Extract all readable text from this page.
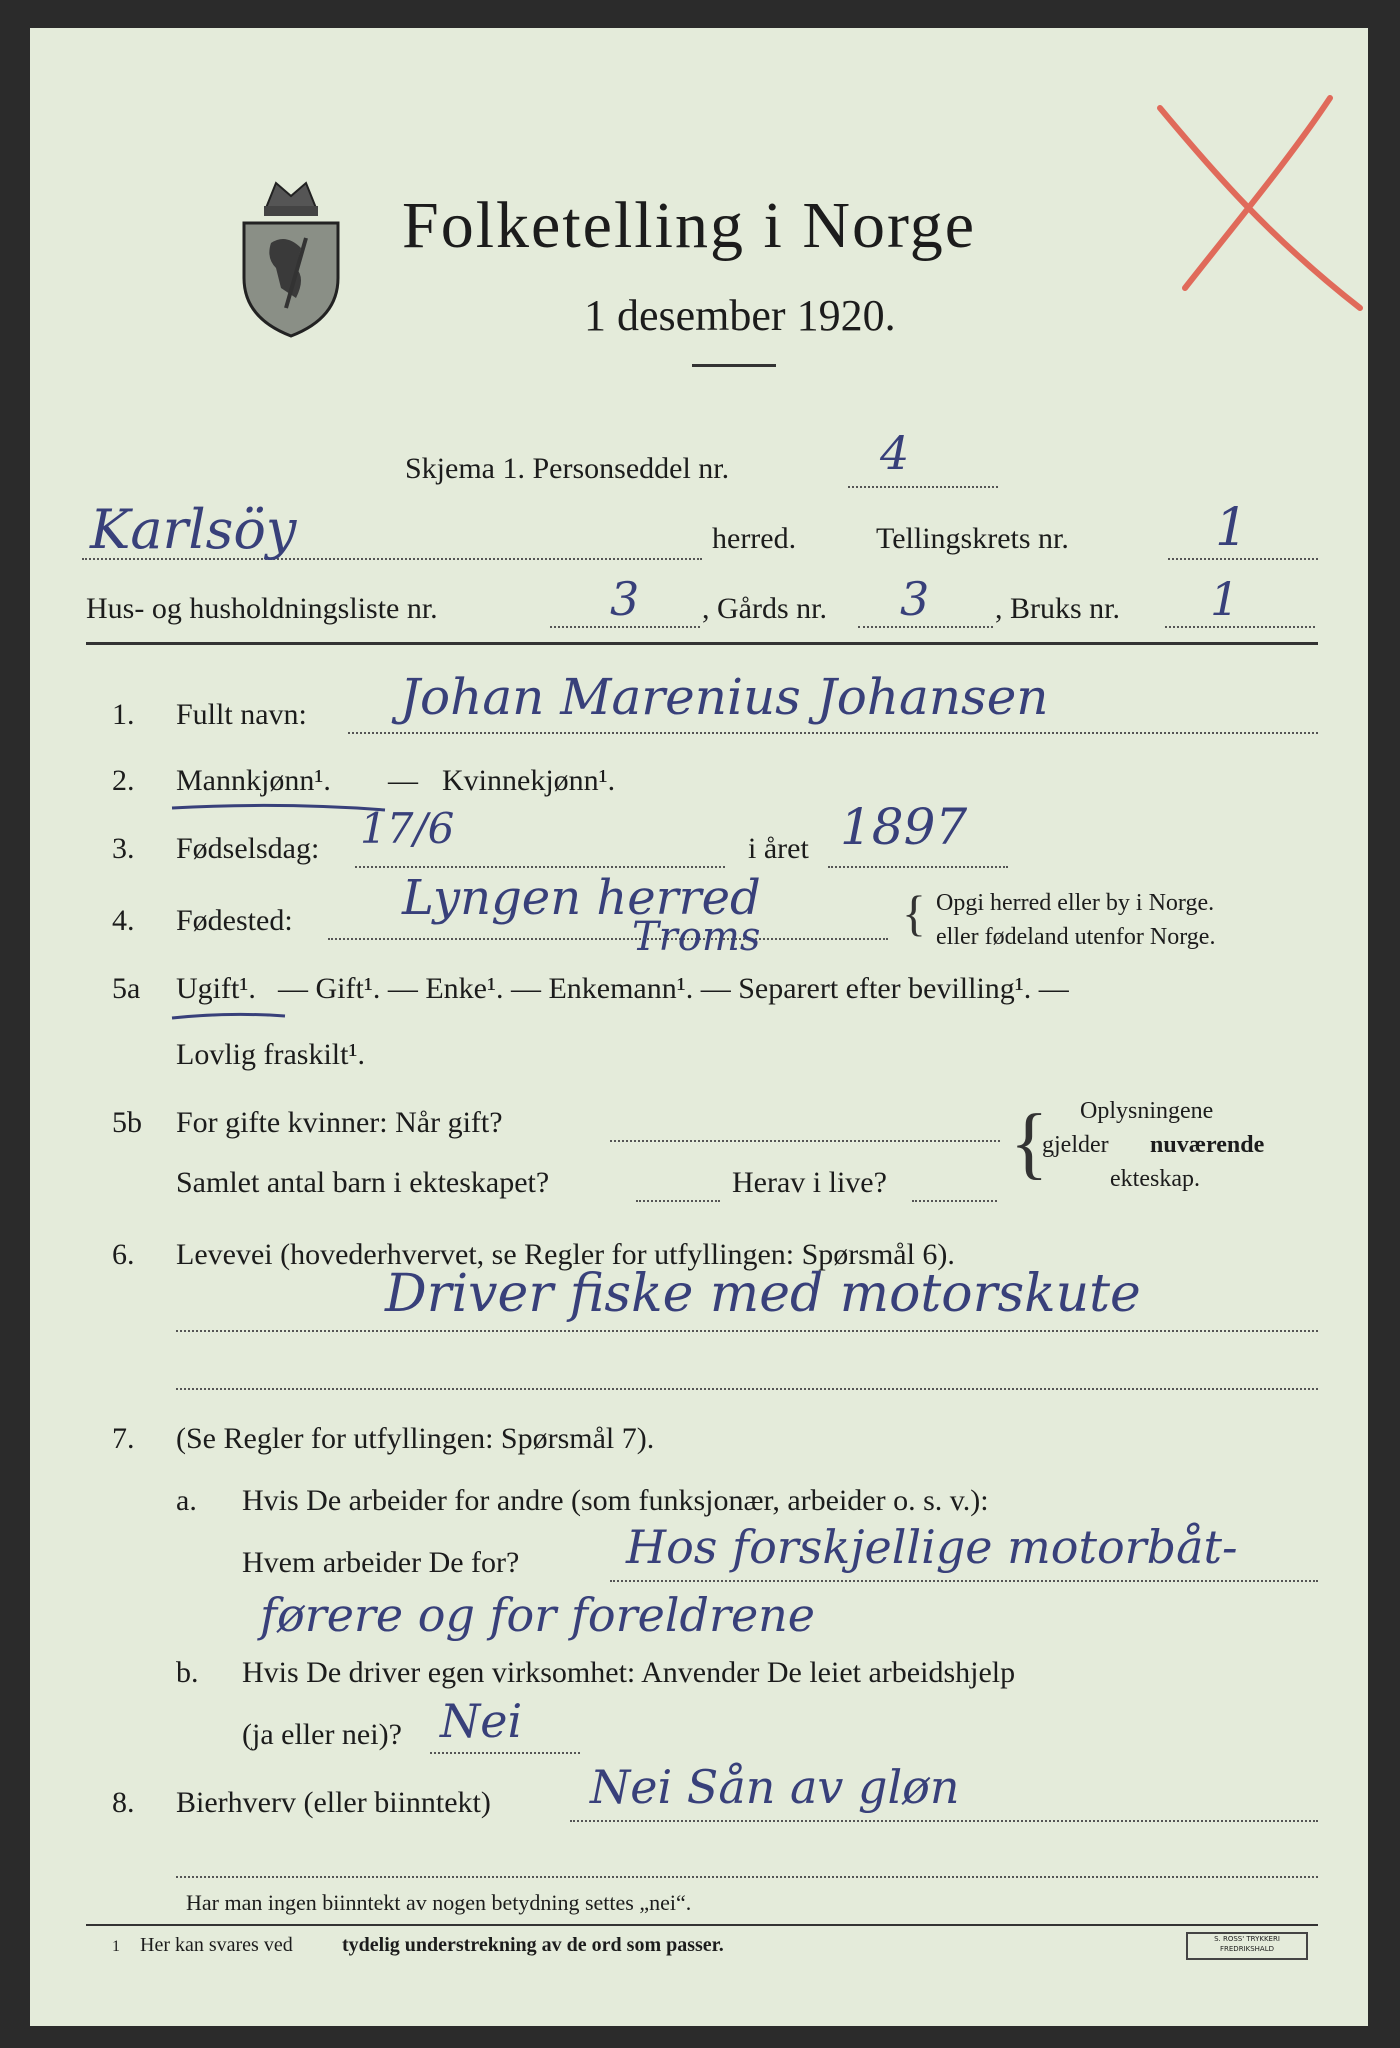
Folketelling i Norge
1 desember 1920.
Skjema 1. Personseddel nr.	4
Karlsöy	herred.	Tellingskrets nr.	1
Hus- og husholdningsliste nr.	3 , Gårds nr. 3 , Bruks nr. 1
1. Fullt navn: Johan Marenius Johansen
2. Mannkjønn¹. — Kvinnekjønn¹.
3. Fødselsdag: 17/6	i året 1897
4. Fødested: Lyngen herred
Troms	{ Opgi herred eller by i Norge.
eller fødeland utenfor Norge.
5a Ugift¹. — Gift¹. — Enke¹. — Enkemann¹. — Separert efter bevilling¹. —
Lovlig fraskilt¹.
5b For gifte kvinner: Når gift?
Samlet antal barn i ekteskapet?	Herav i live? { Oplysningene
gjelder nuværende
ekteskap.
6. Levevei (hovederhvervet, se Regler for utfyllingen: Spørsmål 6).
Driver fiske med motorskute
7. (Se Regler for utfyllingen: Spørsmål 7).
a. Hvis De arbeider for andre (som funksjonær, arbeider o. s. v.):
Hvem arbeider De for? Hos forskjellige motorbåt-
førere og for foreldrene
b. Hvis De driver egen virksomhet: Anvender De leiet arbeidshjelp
(ja eller nei)? Nei
8. Bierhverv (eller biinntekt) Nei Sån av gløn
Har man ingen biinntekt av nogen betydning settes „nei“.
1 Her kan svares ved tydelig understrekning av de ord som passer.	S. ROSS' TRYKKERI FREDRIKSHALD
